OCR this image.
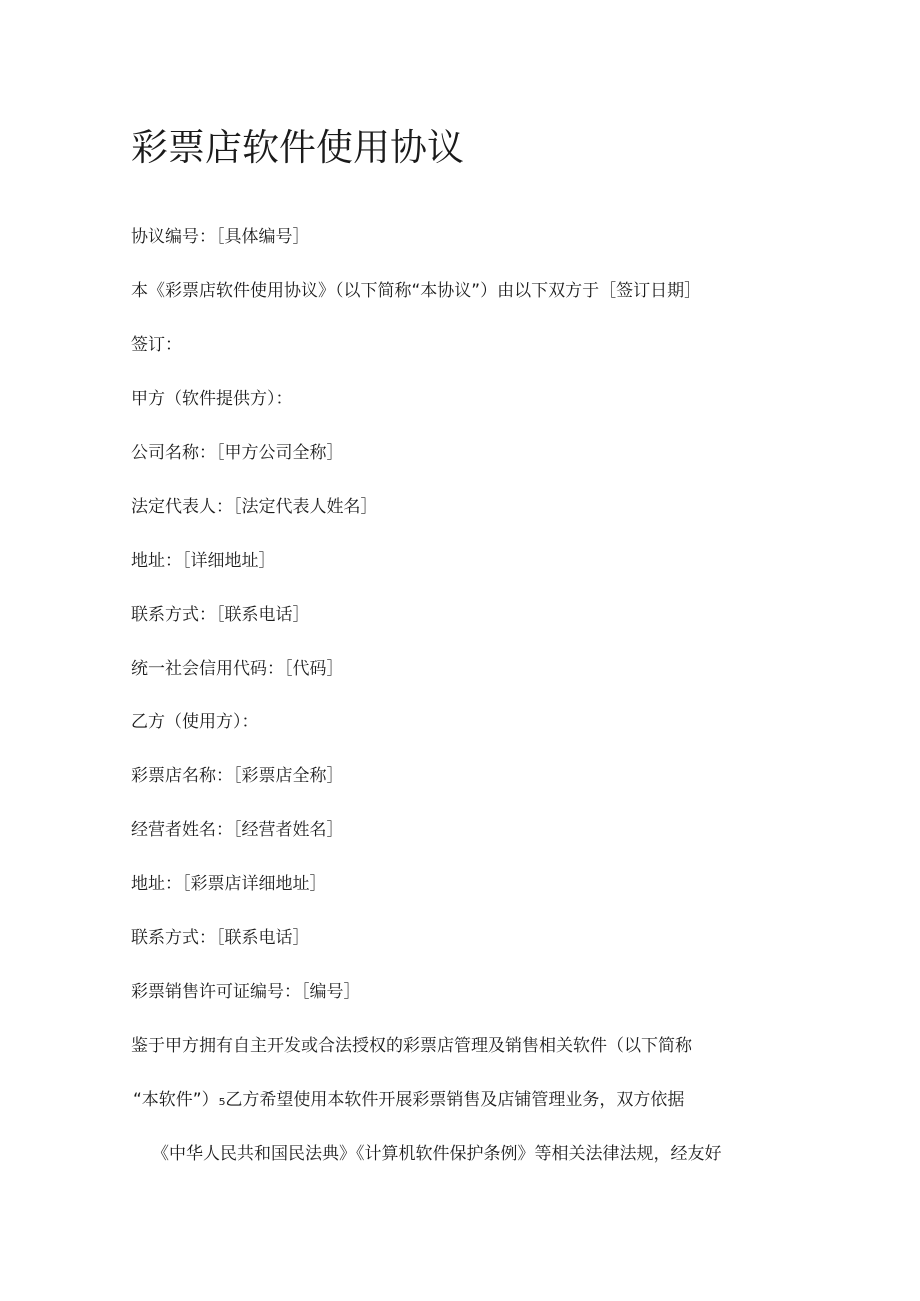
彩票店软件使用协议

协议编号：［具体编号］

本《彩票店软件使用协议》（以下简称“本协议”）由以下双方于［签订日期］

签订：

甲方（软件提供方）：

公司名称：［甲方公司全称］

法定代表人：［法定代表人姓名］

地址：［详细地址］

联系方式：［联系电话］

统一社会信用代码：［代码］

乙方（使用方）：

彩票店名称：［彩票店全称］

经营者姓名：［经营者姓名］

地址：［彩票店详细地址］

联系方式：［联系电话］

彩票销售许可证编号：［编号］

鉴于甲方拥有自主开发或合法授权的彩票店管理及销售相关软件（以下简称

“本软件”）₅乙方希望使用本软件开展彩票销售及店铺管理业务，双方依据

《中华人民共和国民法典》《计算机软件保护条例》等相关法律法规，经友好
